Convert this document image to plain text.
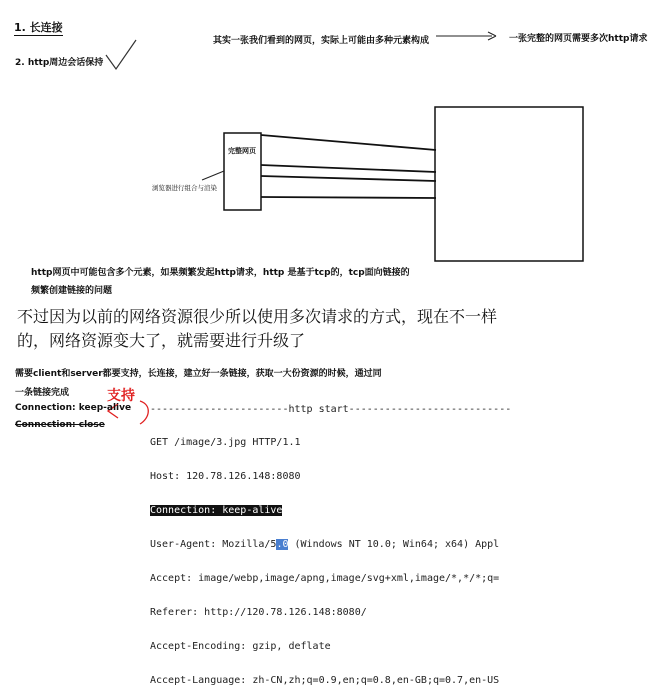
1. 长连接
2. http周边会话保持
其实一张我们看到的网页，实际上可能由多种元素构成	一张完整的网页需要多次http请求
完整网页
浏览器进行组合与渲染
http网页中可能包含多个元素，如果频繁发起http请求，http 是基于tcp的，tcp面向链接的
频繁创建链接的问题
不过因为以前的网络资源很少所以使用多次请求的方式，现在不一样
的，网络资源变大了，就需要进行升级了
需要client和server都要支持，长连接，建立好一条链接，获取一大份资源的时候，通过同
一条链接完成
Connection: keep-alive
Connection: close
支持

-----------------------http start---------------------------

GET /image/3.jpg HTTP/1.1

Host: 120.78.126.148:8080

Connection: keep-alive

User-Agent: Mozilla/5.0 (Windows NT 10.0; Win64; x64) Appl

Accept: image/webp,image/apng,image/svg+xml,image/*,*/*;q=

Referer: http://120.78.126.148:8080/

Accept-Encoding: gzip, deflate

Accept-Language: zh-CN,zh;q=0.9,en;q=0.8,en-GB;q=0.7,en-US
